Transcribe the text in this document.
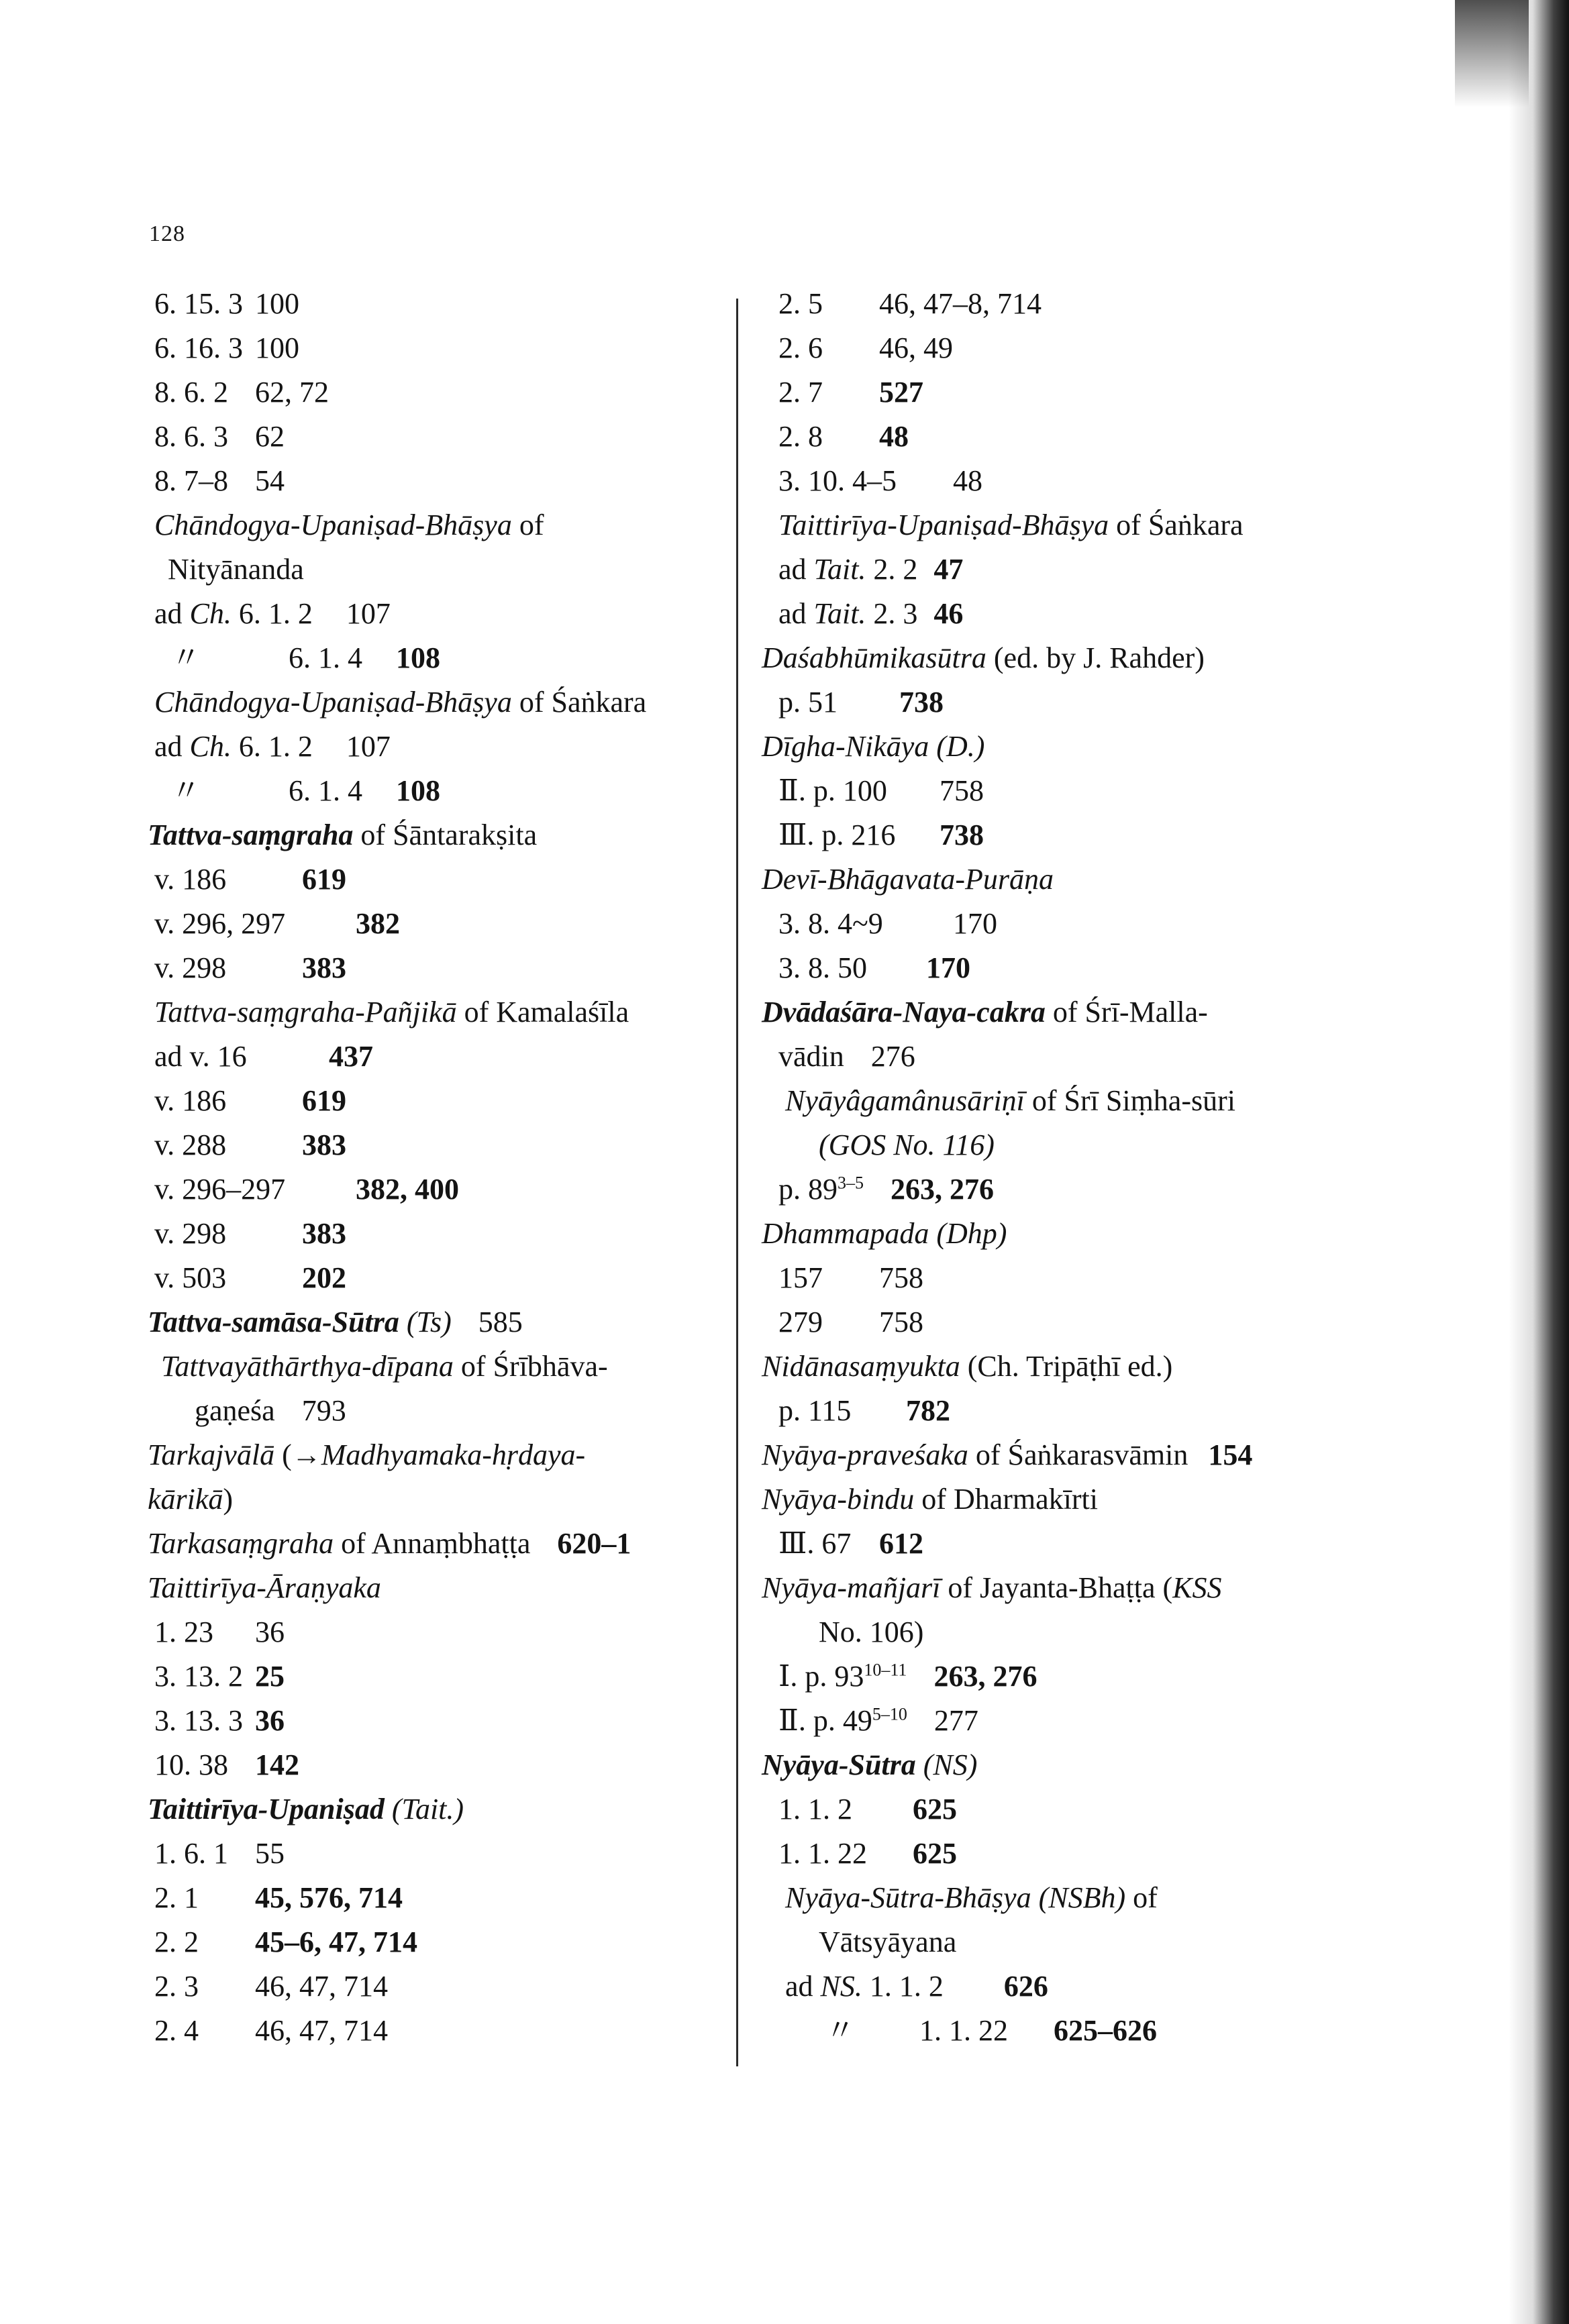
128
6. 15. 3 100
6. 16. 3 100
8. 6. 2 62, 72
8. 6. 3 62
8. 7–8 54
Chāndogya-Upaniṣad-Bhāṣya of
Nityānanda
ad Ch. 6. 1. 2 107
〃	6. 1. 4 108
Chāndogya-Upaniṣad-Bhāṣya of Śaṅkara
ad Ch. 6. 1. 2 107
〃	6. 1. 4 108
Tattva-saṃgraha of Śāntarakṣita
v. 186	619
v. 296, 297 382
v. 298	383
Tattva-saṃgraha-Pañjikā of Kamalaśīla
ad v. 16	437
v. 186	619
v. 288	383
v. 296–297 382, 400
v. 298	383
v. 503	202
Tattva-samāsa-Sūtra (Ts) 585
Tattvayāthārthya-dīpana of Śrībhāva-
gaṇeśa 793
Tarkajvālā (→Madhyamaka-hṛdaya-
kārikā)
Tarkasaṃgraha of Annaṃbhaṭṭa 620–1
Taittirīya-Āraṇyaka
1. 23 36
3. 13. 2 25
3. 13. 3 36
10. 38 142
Taittirīya-Upaniṣad (Tait.)
1. 6. 1 55
2. 1 45, 576, 714
2. 2 45–6, 47, 714
2. 3 46, 47, 714
2. 4 46, 47, 714
2. 5 46, 47–8, 714
2. 6 46, 49
2. 7 527
2. 8 48
3. 10. 4–5 48
Taittirīya-Upaniṣad-Bhāṣya of Śaṅkara
ad Tait. 2. 2 47
ad Tait. 2. 3 46
Daśabhūmikasūtra (ed. by J. Rahder)
p. 51 738
Dīgha-Nikāya (D.)
Ⅱ. p. 100 758
Ⅲ. p. 216 738
Devī-Bhāgavata-Purāṇa
3. 8. 4~9 170
3. 8. 50 170
Dvādaśāra-Naya-cakra of Śrī-Malla-
vādin 276
Nyāyâgamânusāriṇī of Śrī Siṃha-sūri
(GOS No. 116)
p. 89$^{3-5}$ 263, 276
Dhammapada (Dhp)
157 758
279 758
Nidānasaṃyukta (Ch. Tripāṭhī ed.)
p. 115 782
Nyāya-praveśaka of Śaṅkarasvāmin 154
Nyāya-bindu of Dharmakīrti
Ⅲ. 67 612
Nyāya-mañjarī of Jayanta-Bhaṭṭa (KSS
No. 106)
Ⅰ. p. 93$^{10-11}$ 263, 276
Ⅱ. p. 49$^{5-10}$ 277
Nyāya-Sūtra (NS)
1. 1. 2 625
1. 1. 22 625
Nyāya-Sūtra-Bhāṣya (NSBh) of
Vātsyāyana
ad NS. 1. 1. 2 626
〃 1. 1. 22 625–626
